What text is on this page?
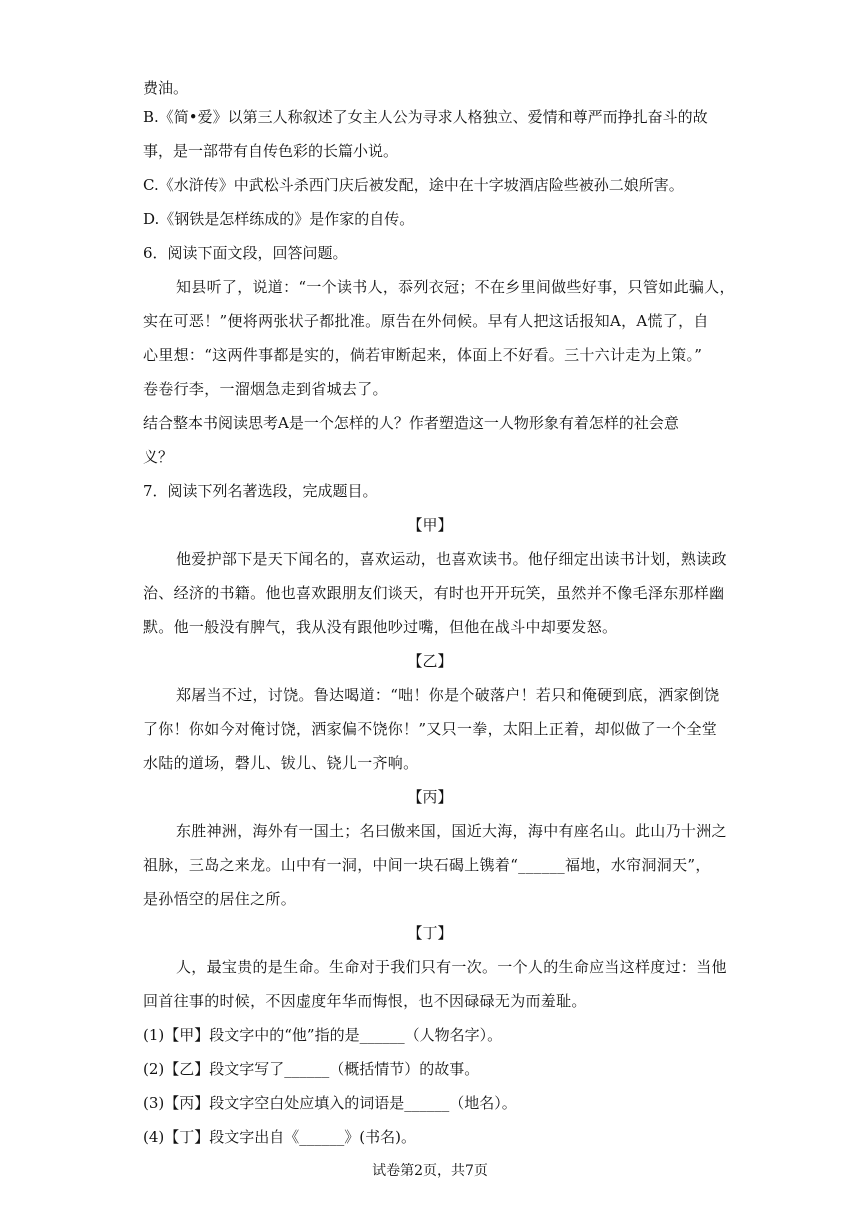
费油。
B.《简•爱》以第三人称叙述了女主人公为寻求人格独立、爱情和尊严而挣扎奋斗的故
事，是一部带有自传色彩的长篇小说。
C.《水浒传》中武松斗杀西门庆后被发配，途中在十字坡酒店险些被孙二娘所害。
D.《钢铁是怎样练成的》是作家的自传。
6．阅读下面文段，回答问题。
知县听了，说道：“一个读书人，忝列衣冠；不在乡里间做些好事，只管如此骗人，
实在可恶！”便将两张状子都批准。原告在外伺候。早有人把这话报知A，A慌了，自
心里想：“这两件事都是实的，倘若审断起来，体面上不好看。三十六计走为上策。”
卷卷行李，一溜烟急走到省城去了。
结合整本书阅读思考A是一个怎样的人？作者塑造这一人物形象有着怎样的社会意
义？
7．阅读下列名著选段，完成题目。
【甲】
他爱护部下是天下闻名的，喜欢运动，也喜欢读书。他仔细定出读书计划，熟读政
治、经济的书籍。他也喜欢跟朋友们谈天，有时也开开玩笑，虽然并不像毛泽东那样幽
默。他一般没有脾气，我从没有跟他吵过嘴，但他在战斗中却要发怒。
【乙】
郑屠当不过，讨饶。鲁达喝道：“咄！你是个破落户！若只和俺硬到底，洒家倒饶
了你！你如今对俺讨饶，洒家偏不饶你！”又只一拳，太阳上正着，却似做了一个全堂
水陆的道场，磬儿、钹儿、铙儿一齐响。
【丙】
东胜神洲，海外有一国土；名曰傲来国，国近大海，海中有座名山。此山乃十洲之
祖脉，三岛之来龙。山中有一洞，中间一块石碣上镌着“______福地，水帘洞洞天”，
是孙悟空的居住之所。
【丁】
人，最宝贵的是生命。生命对于我们只有一次。一个人的生命应当这样度过：当他
回首往事的时候，不因虚度年华而悔恨，也不因碌碌无为而羞耻。
(1)【甲】段文字中的“他”指的是______（人物名字）。
(2)【乙】段文字写了______（概括情节）的故事。
(3)【丙】段文字空白处应填入的词语是______（地名）。
(4)【丁】段文字出自《______》(书名)。
试卷第2页，共7页
